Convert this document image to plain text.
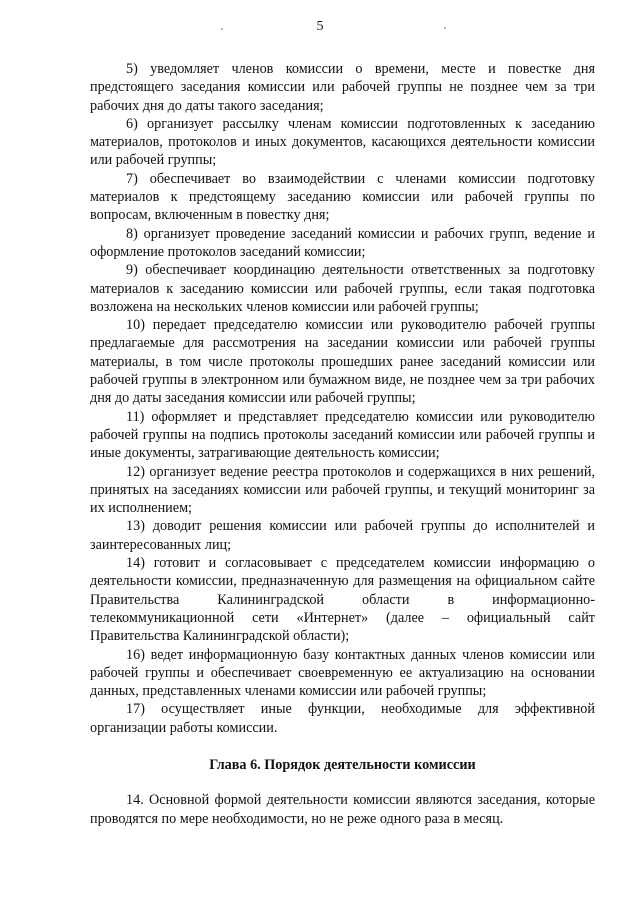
5

5) уведомляет членов комиссии о времени, месте и повестке дня предстоящего заседания комиссии или рабочей группы не позднее чем за три рабочих дня до даты такого заседания;

6) организует рассылку членам комиссии подготовленных к заседанию материалов, протоколов и иных документов, касающихся деятельности комиссии или рабочей группы;

7) обеспечивает во взаимодействии с членами комиссии подготовку материалов к предстоящему заседанию комиссии или рабочей группы по вопросам, включенным в повестку дня;

8) организует проведение заседаний комиссии и рабочих групп, ведение и оформление протоколов заседаний комиссии;

9) обеспечивает координацию деятельности ответственных за подготовку материалов к заседанию комиссии или рабочей группы, если такая подготовка возложена на нескольких членов комиссии или рабочей группы;

10) передает председателю комиссии или руководителю рабочей группы предлагаемые для рассмотрения на заседании комиссии или рабочей группы материалы, в том числе протоколы прошедших ранее заседаний комиссии или рабочей группы в электронном или бумажном виде, не позднее чем за три рабочих дня до даты заседания комиссии или рабочей группы;

11) оформляет и представляет председателю комиссии или руководителю рабочей группы на подпись протоколы заседаний комиссии или рабочей группы и иные документы, затрагивающие деятельность комиссии;

12) организует ведение реестра протоколов и содержащихся в них решений, принятых на заседаниях комиссии или рабочей группы, и текущий мониторинг за их исполнением;

13) доводит решения комиссии или рабочей группы до исполнителей и заинтересованных лиц;

14) готовит и согласовывает с председателем комиссии информацию о деятельности комиссии, предназначенную для размещения на официальном сайте Правительства Калининградской области в информационно-телекоммуникационной сети «Интернет» (далее – официальный сайт Правительства Калининградской области);

16) ведет информационную базу контактных данных членов комиссии или рабочей группы и обеспечивает своевременную ее актуализацию на основании данных, представленных членами комиссии или рабочей группы;

17) осуществляет иные функции, необходимые для эффективной организации работы комиссии.

Глава 6. Порядок деятельности комиссии

14. Основной формой деятельности комиссии являются заседания, которые проводятся по мере необходимости, но не реже одного раза в месяц.
